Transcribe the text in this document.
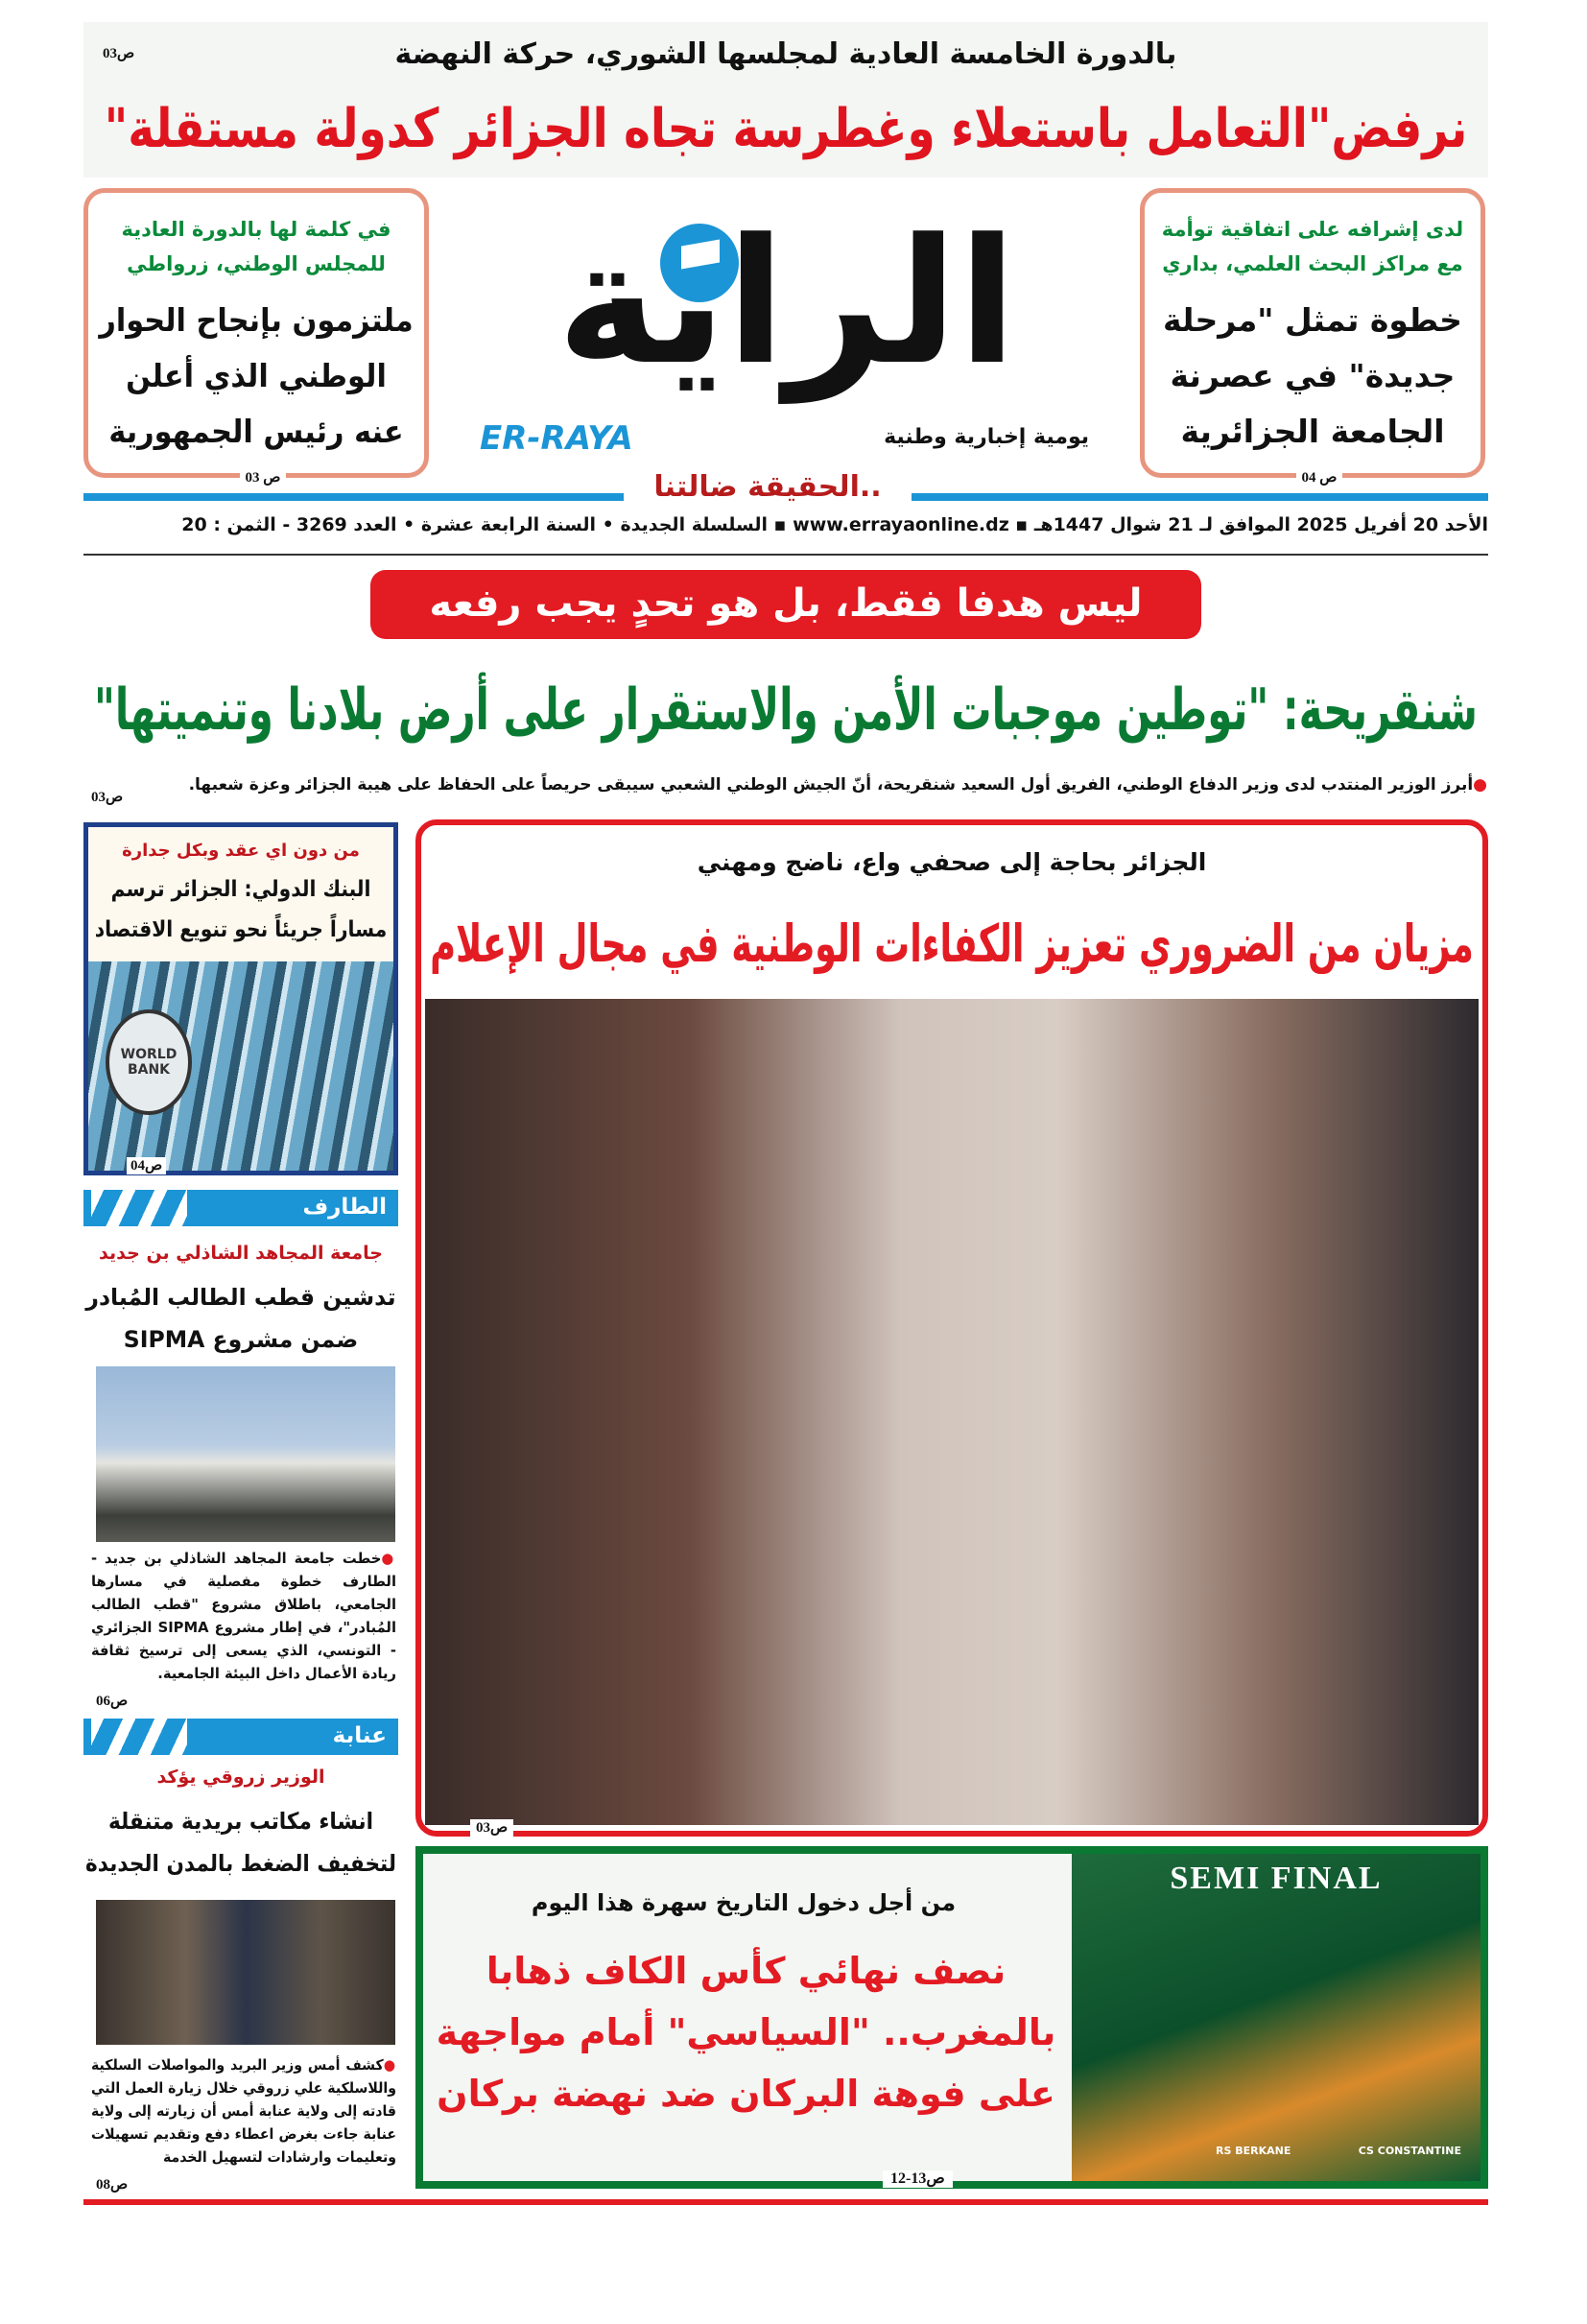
بالدورة الخامسة العادية لمجلسها الشوري، حركة النهضة
ص03
نرفض"التعامل باستعلاء وغطرسة تجاه الجزائر كدولة مستقلة"
في كلمة لها بالدورة العادية للمجلس الوطني، زرواطي
ملتزمون بإنجاح الحوار الوطني الذي أعلن عنه رئيس الجمهورية
ص 03
لدى إشرافه على اتفاقية توأمة مع مراكز البحث العلمي، بداري
خطوة تمثل "مرحلة جديدة" في عصرنة الجامعة الجزائرية
ص 04
الراية
ER-RAYA	يومية إخبارية وطنية
..الحقيقة ضالتنا
الأحد 20 أفريل 2025 الموافق لـ 21 شوال 1447هـ ▪ www.errayaonline.dz ▪ السلسلة الجديدة • السنة الرابعة عشرة • العدد 3269 - الثمن : 20
ليس هدفا فقط، بل هو تحدٍ يجب رفعه
شنقريحة: "توطين موجبات الأمن والاستقرار على أرض بلادنا وتنميتها"
●أبرز الوزير المنتدب لدى وزير الدفاع الوطني، الفريق أول السعيد شنقريحة، أنّ الجيش الوطني الشعبي سيبقى حريصاً على الحفاظ على هيبة الجزائر وعزة شعبها.
ص03
الجزائر بحاجة إلى صحفي واع، ناضج ومهني
مزيان من الضروري تعزيز الكفاءات الوطنية في مجال الإعلام
ص03
من دون اي عقد وبكل جدارة
البنك الدولي: الجزائر ترسم مساراً جريئاً نحو تنويع الاقتصاد
WORLD BANK
ص04
الطارف
جامعة المجاهد الشاذلي بن جديد
تدشين قطب الطالب المُبادر ضمن مشروع SIPMA
●خطت جامعة المجاهد الشاذلي بن جديد - الطارف خطوة مفصلية في مسارها الجامعي، باطلاق مشروع "قطب الطالب المُبادر"، في إطار مشروع SIPMA الجزائري - التونسي، الذي يسعى إلى ترسيخ ثقافة ريادة الأعمال داخل البيئة الجامعية.
ص06
عنابة
الوزير زروقي يؤكد
انشاء مكاتب بريدية متنقلة لتخفيف الضغط بالمدن الجديدة
●كشف أمس وزير البريد والمواصلات السلكية واللاسلكية علي زروقي خلال زيارة العمل التي قادته إلى ولاية عنابة أمس أن زيارته إلى ولاية عنابة جاءت بغرض اعطاء دفع وتقديم تسهيلات وتعليمات وارشادات لتسهيل الخدمة
ص08
من أجل دخول التاريخ سهرة هذا اليوم
نصف نهائي كأس الكاف ذهابا بالمغرب.. "السياسي" أمام مواجهة على فوهة البركان ضد نهضة بركان
SEMI FINAL
RS BERKANE	CS CONSTANTINE
ص13-12
